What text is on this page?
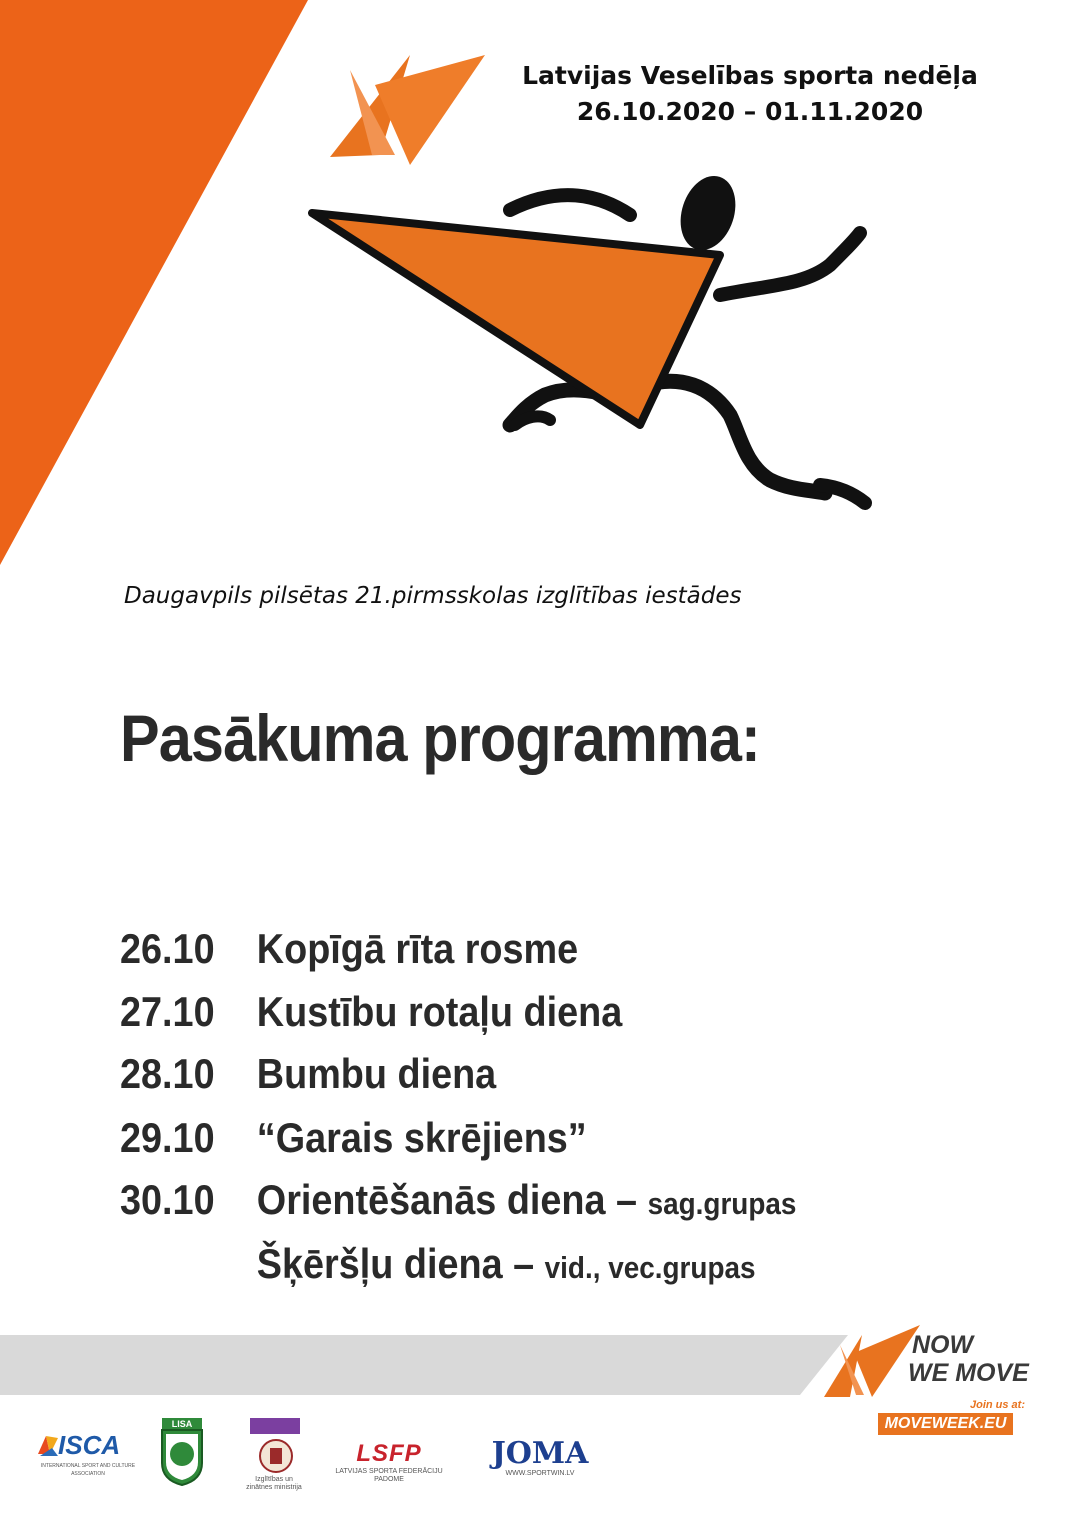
Latvijas Veselības sporta nedēļa
26.10.2020 – 01.11.2020
Daugavpils pilsētas 21.pirmsskolas izglītības iestādes
Pasākuma programma:
26.10 Kopīgā rīta rosme
27.10 Kustību rotaļu diena
28.10 Bumbu diena
29.10 “Garais skrējiens”
30.10 Orientēšanās diena – sag.grupas
Šķēršļu diena – vid., vec.grupas
NOW
WE MOVE
Join us at:
MOVEWEEK.EU
ISCA
INTERNATIONAL SPORT AND CULTURE ASSOCIATION
LISA
Izglītības un zinātnes ministrija
LSFP
LATVIJAS SPORTA FEDERĀCIJU PADOME
JOMA
WWW.SPORTWIN.LV
